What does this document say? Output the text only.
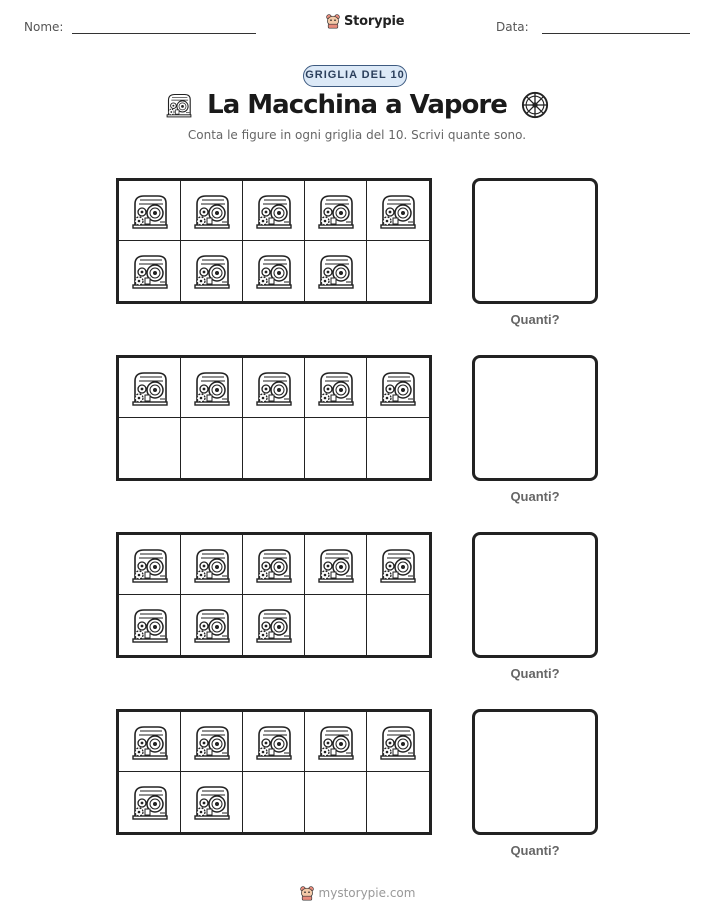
Nome:	Storypie	Data:
GRIGLIA DEL 10
La Macchina a Vapore
Conta le figure in ogni griglia del 10. Scrivi quante sono.
Quanti?
Quanti?
Quanti?
Quanti?
mystorypie.com
